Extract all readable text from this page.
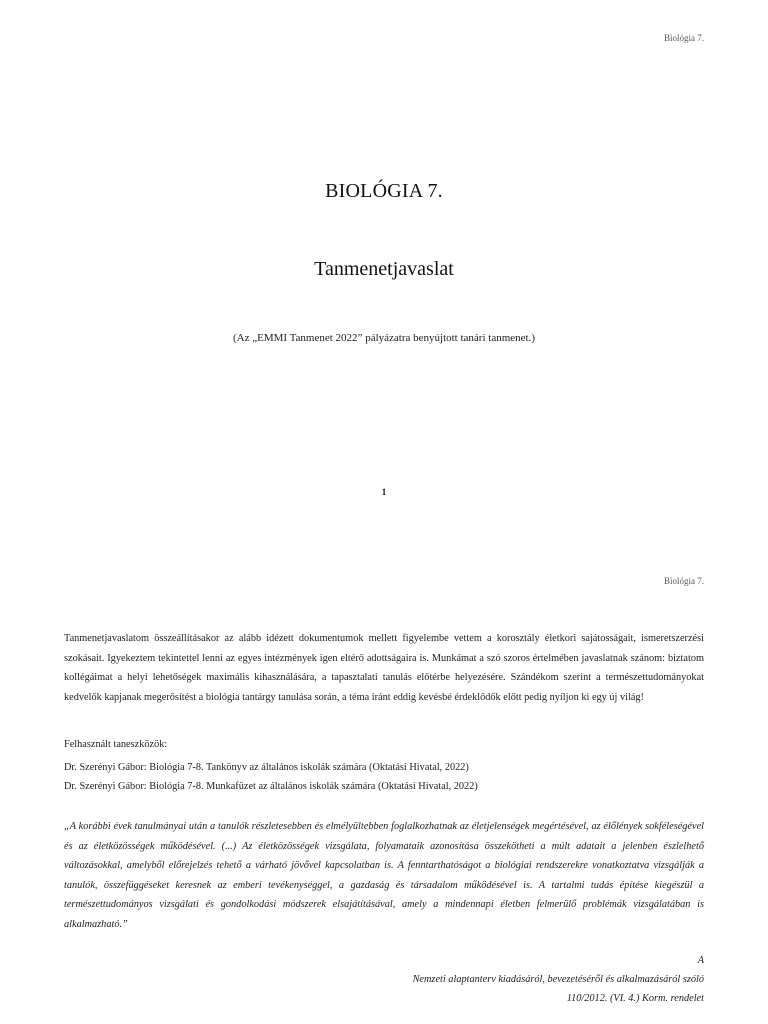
Biológia 7.
BIOLÓGIA 7.
Tanmenetjavaslat
(Az „EMMI Tanmenet 2022” pályázatra benyújtott tanári tanmenet.)
1
Biológia 7.
Tanmenetjavaslatom összeállításakor az alább idézett dokumentumok mellett figyelembe vettem a korosztály életkori sajátosságait, ismeretszerzési szokásait. Igyekeztem tekintettel lenni az egyes intézmények igen eltérő adottságaira is. Munkámat a szó szoros értelmében javaslatnak szánom: biztatom kollégáimat a helyi lehetőségek maximális kihasználására, a tapasztalati tanulás előtérbe helyezésére. Szándékom szerint a természettudományokat kedvelők kapjanak megerősítést a biológia tantárgy tanulása során, a téma iránt eddig kevésbé érdeklődők előtt pedig nyíljon ki egy új világ!
Felhasznált taneszközök:
Dr. Szerényi Gábor: Biológia 7-8. Tankönyv az általános iskolák számára (Oktatási Hivatal, 2022)
Dr. Szerényi Gábor: Biológia 7-8. Munkafüzet az általános iskolák számára (Oktatási Hivatal, 2022)
„A korábbi évek tanulmányai után a tanulók részletesebben és elmélyültebben foglalkozhatnak az életjelenségek megértésével, az élőlények sokféleségével és az életközösségek működésével. (...) Az életközösségek vizsgálata, folyamataik azonosítása összekötheti a múlt adatait a jelenben észlelhető változásokkal, amelyből előrejelzés tehető a várható jövővel kapcsolatban is. A fenntarthatóságot a biológiai rendszerekre vonatkoztatva vizsgálják a tanulók, összefüggéseket keresnek az emberi tevékenységgel, a gazdaság és társadalom működésével is. A tartalmi tudás építése kiegészül a természettudományos vizsgálati és gondolkodási módszerek elsajátításával, amely a mindennapi életben felmerülő problémák vizsgálatában is alkalmazható.”
A
Nemzeti alaptanterv kiadásáról, bevezetéséről és alkalmazásáról szóló
110/2012. (VI. 4.) Korm. rendelet
